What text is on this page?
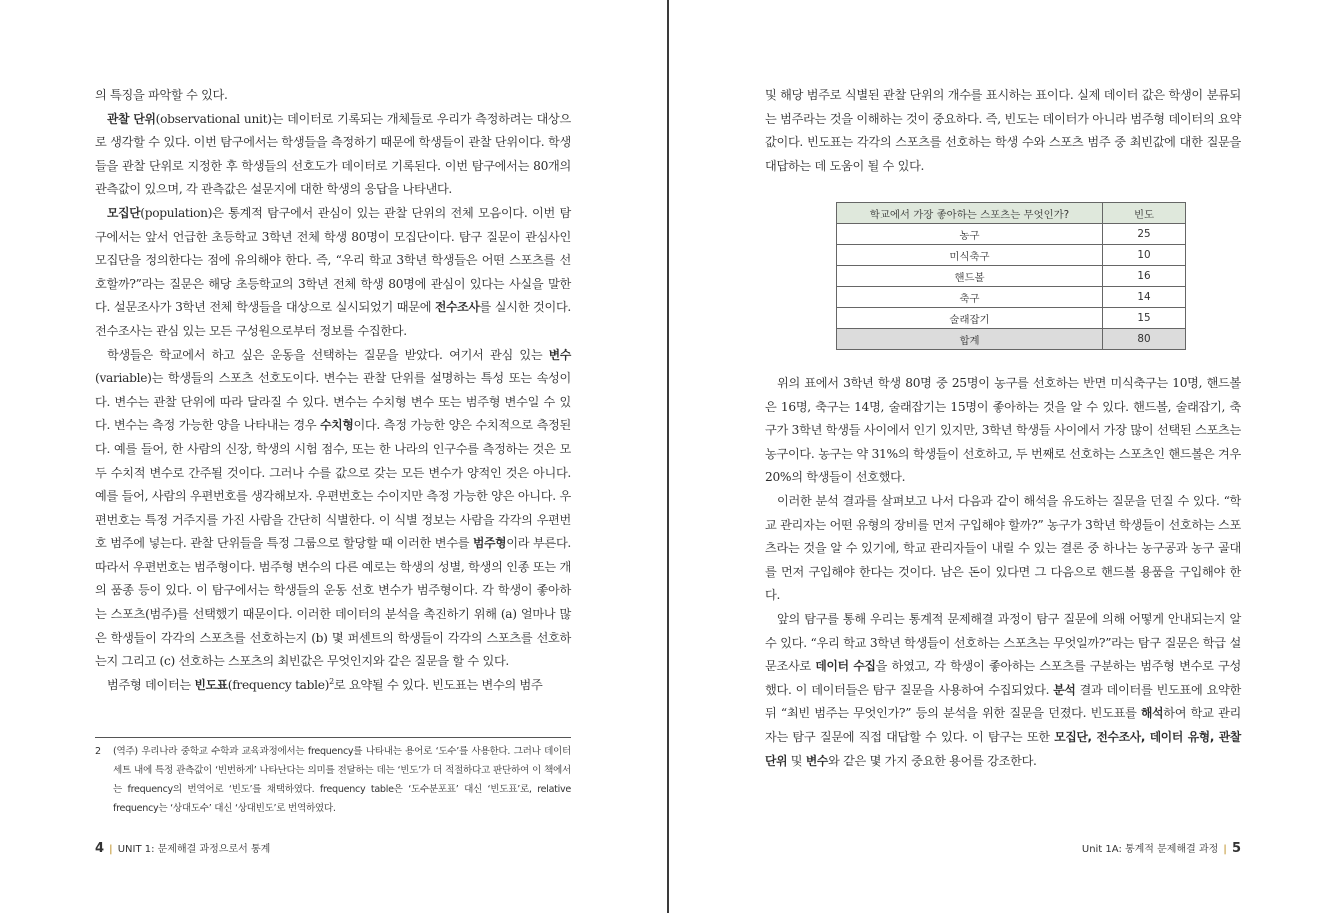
의 특징을 파악할 수 있다.

관찰 단위(observational unit)는 데이터로 기록되는 개체들로 우리가 측정하려는 대상으로 생각할 수 있다. 이번 탐구에서는 학생들을 측정하기 때문에 학생들이 관찰 단위이다. 학생들을 관찰 단위로 지정한 후 학생들의 선호도가 데이터로 기록된다. 이번 탐구에서는 80개의 관측값이 있으며, 각 관측값은 설문지에 대한 학생의 응답을 나타낸다.

모집단(population)은 통계적 탐구에서 관심이 있는 관찰 단위의 전체 모음이다. 이번 탐구에서는 앞서 언급한 초등학교 3학년 전체 학생 80명이 모집단이다. 탐구 질문이 관심사인 모집단을 정의한다는 점에 유의해야 한다. 즉, “우리 학교 3학년 학생들은 어떤 스포츠를 선호할까?”라는 질문은 해당 초등학교의 3학년 전체 학생 80명에 관심이 있다는 사실을 말한다. 설문조사가 3학년 전체 학생들을 대상으로 실시되었기 때문에 전수조사를 실시한 것이다. 전수조사는 관심 있는 모든 구성원으로부터 정보를 수집한다.

학생들은 학교에서 하고 싶은 운동을 선택하는 질문을 받았다. 여기서 관심 있는 변수(variable)는 학생들의 스포츠 선호도이다. 변수는 관찰 단위를 설명하는 특성 또는 속성이다. 변수는 관찰 단위에 따라 달라질 수 있다. 변수는 수치형 변수 또는 범주형 변수일 수 있다. 변수는 측정 가능한 양을 나타내는 경우 수치형이다. 측정 가능한 양은 수치적으로 측정된다. 예를 들어, 한 사람의 신장, 학생의 시험 점수, 또는 한 나라의 인구수를 측정하는 것은 모두 수치적 변수로 간주될 것이다. 그러나 수를 값으로 갖는 모든 변수가 양적인 것은 아니다. 예를 들어, 사람의 우편번호를 생각해보자. 우편번호는 수이지만 측정 가능한 양은 아니다. 우편번호는 특정 거주지를 가진 사람을 간단히 식별한다. 이 식별 정보는 사람을 각각의 우편번호 범주에 넣는다. 관찰 단위들을 특정 그룹으로 할당할 때 이러한 변수를 범주형이라 부른다. 따라서 우편번호는 범주형이다. 범주형 변수의 다른 예로는 학생의 성별, 학생의 인종 또는 개의 품종 등이 있다. 이 탐구에서는 학생들의 운동 선호 변수가 범주형이다. 각 학생이 좋아하는 스포츠(범주)를 선택했기 때문이다. 이러한 데이터의 분석을 촉진하기 위해 (a) 얼마나 많은 학생들이 각각의 스포츠를 선호하는지 (b) 몇 퍼센트의 학생들이 각각의 스포츠를 선호하는지 그리고 (c) 선호하는 스포츠의 최빈값은 무엇인지와 같은 질문을 할 수 있다.

범주형 데이터는 빈도표(frequency table)$^2$로 요약될 수 있다. 빈도표는 변수의 범주

2 (역주) 우리나라 중학교 수학과 교육과정에서는 frequency를 나타내는 용어로 ‘도수’를 사용한다. 그러나 데이터 세트 내에 특정 관측값이 ‘빈번하게’ 나타난다는 의미를 전달하는 데는 ‘빈도’가 더 적절하다고 판단하여 이 책에서는 frequency의 번역어로 ‘빈도’를 채택하였다. frequency table은 ‘도수분포표’ 대신 ‘빈도표’로, relative frequency는 ‘상대도수’ 대신 ‘상대빈도’로 번역하였다.
4 | UNIT 1: 문제해결 과정으로서 통계

및 해당 범주로 식별된 관찰 단위의 개수를 표시하는 표이다. 실제 데이터 값은 학생이 분류되는 범주라는 것을 이해하는 것이 중요하다. 즉, 빈도는 데이터가 아니라 범주형 데이터의 요약값이다. 빈도표는 각각의 스포츠를 선호하는 학생 수와 스포츠 범주 중 최빈값에 대한 질문을 대답하는 데 도움이 될 수 있다.

학교에서 가장 좋아하는 스포츠는 무엇인가?	빈도
농구	25
미식축구	10
핸드볼	16
축구	14
술래잡기	15
합계	80

위의 표에서 3학년 학생 80명 중 25명이 농구를 선호하는 반면 미식축구는 10명, 핸드볼은 16명, 축구는 14명, 술래잡기는 15명이 좋아하는 것을 알 수 있다. 핸드볼, 술래잡기, 축구가 3학년 학생들 사이에서 인기 있지만, 3학년 학생들 사이에서 가장 많이 선택된 스포츠는 농구이다. 농구는 약 31%의 학생들이 선호하고, 두 번째로 선호하는 스포츠인 핸드볼은 겨우 20%의 학생들이 선호했다.

이러한 분석 결과를 살펴보고 나서 다음과 같이 해석을 유도하는 질문을 던질 수 있다. “학교 관리자는 어떤 유형의 장비를 먼저 구입해야 할까?” 농구가 3학년 학생들이 선호하는 스포츠라는 것을 알 수 있기에, 학교 관리자들이 내릴 수 있는 결론 중 하나는 농구공과 농구 골대를 먼저 구입해야 한다는 것이다. 남은 돈이 있다면 그 다음으로 핸드볼 용품을 구입해야 한다.

앞의 탐구를 통해 우리는 통계적 문제해결 과정이 탐구 질문에 의해 어떻게 안내되는지 알 수 있다. “우리 학교 3학년 학생들이 선호하는 스포츠는 무엇일까?”라는 탐구 질문은 학급 설문조사로 데이터 수집을 하였고, 각 학생이 좋아하는 스포츠를 구분하는 범주형 변수로 구성했다. 이 데이터들은 탐구 질문을 사용하여 수집되었다. 분석 결과 데이터를 빈도표에 요약한 뒤 “최빈 범주는 무엇인가?” 등의 분석을 위한 질문을 던졌다. 빈도표를 해석하여 학교 관리자는 탐구 질문에 직접 대답할 수 있다. 이 탐구는 또한 모집단, 전수조사, 데이터 유형, 관찰 단위 및 변수와 같은 몇 가지 중요한 용어를 강조한다.

Unit 1A: 통계적 문제해결 과정 | 5
